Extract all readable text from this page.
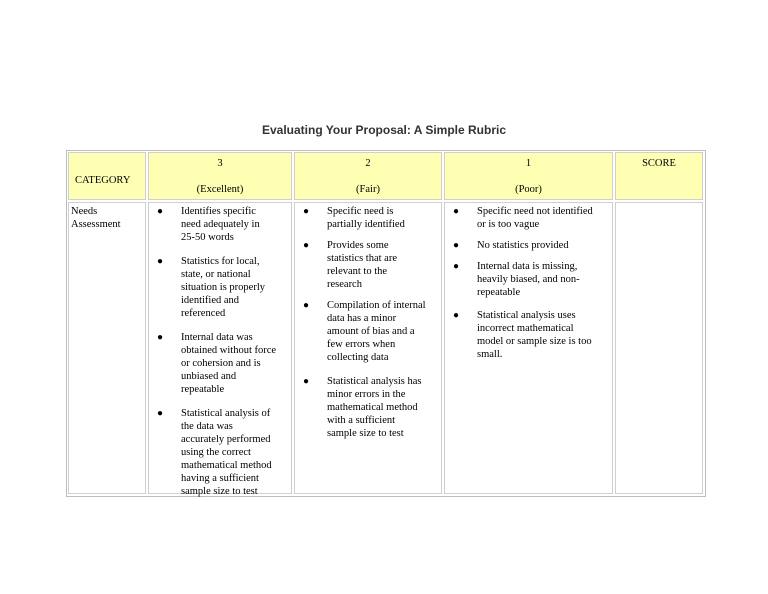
Evaluating Your Proposal: A Simple Rubric
CATEGORY
3
(Excellent)
2
(Fair)
1
(Poor)
SCORE
Needs
Assessment
● Identifies specific
need adequately in
25-50 words
● Statistics for local,
state, or national
situation is properly
identified and
referenced
● Internal data was
obtained without force
or cohersion and is
unbiased and
repeatable
● Statistical analysis of
the data was
accurately performed
using the correct
mathematical method
having a sufficient
sample size to test
● Specific need is
partially identified
● Provides some
statistics that are
relevant to the
research
● Compilation of internal
data has a minor
amount of bias and a
few errors when
collecting data
● Statistical analysis has
minor errors in the
mathematical method
with a sufficient
sample size to test
● Specific need not identified
or is too vague
● No statistics provided
● Internal data is missing,
heavily biased, and non-
repeatable
● Statistical analysis uses
incorrect mathematical
model or sample size is too
small.
